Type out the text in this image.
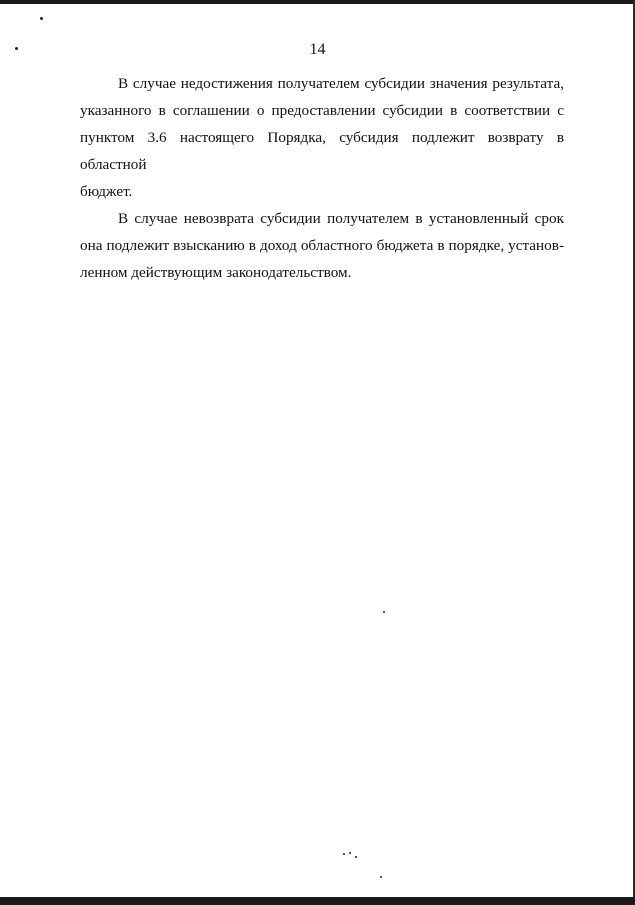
14

В случае недостижения получателем субсидии значения результата,
указанного в соглашении о предоставлении субсидии в соответствии с
пунктом 3.6 настоящего Порядка, субсидия подлежит возврату в областной
бюджет.

В случае невозврата субсидии получателем в установленный срок
она подлежит взысканию в доход областного бюджета в порядке, установ-
ленном действующим законодательством.
